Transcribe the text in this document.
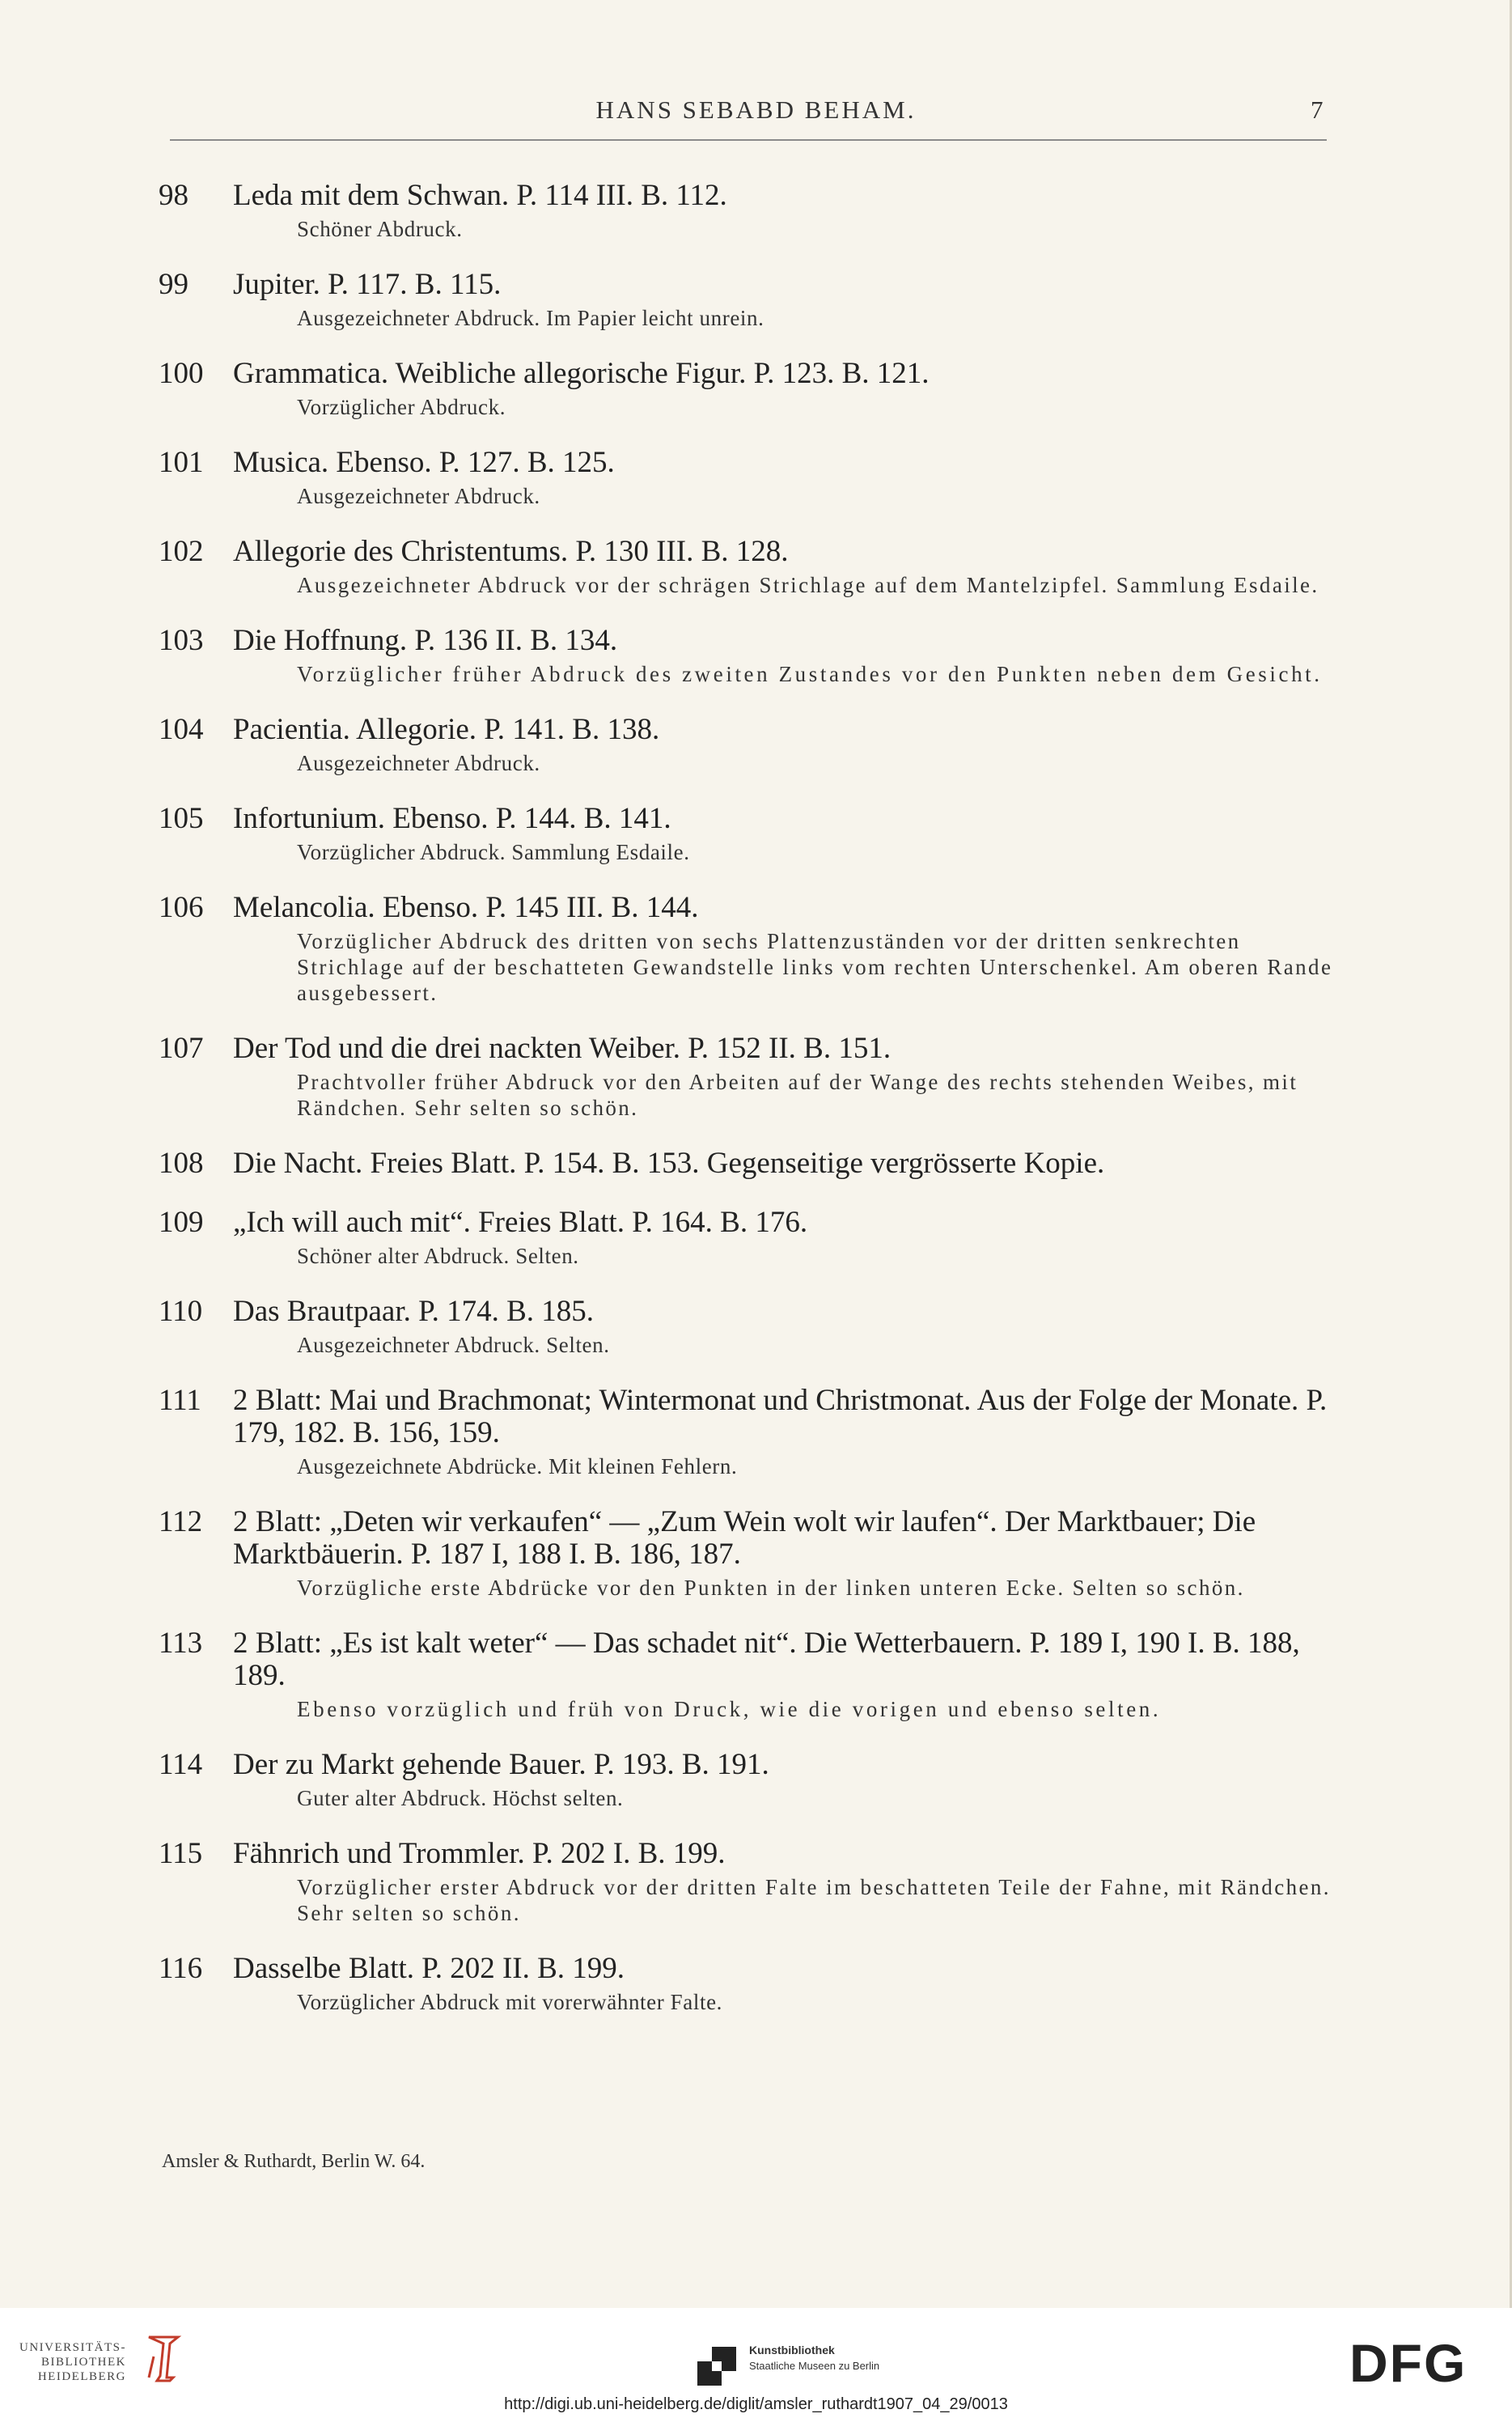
HANS SEBABD BEHAM.	7
98	Leda mit dem Schwan. P. 114 III. B. 112.
Schöner Abdruck.
99	Jupiter. P. 117. B. 115.
Ausgezeichneter Abdruck. Im Papier leicht unrein.
100 Grammatica. Weibliche allegorische Figur. P. 123. B. 121.
Vorzüglicher Abdruck.
101 Musica. Ebenso. P. 127. B. 125.
Ausgezeichneter Abdruck.
102 Allegorie des Christentums. P. 130 III. B. 128.
Ausgezeichneter Abdruck vor der schrägen Strichlage auf dem Mantelzipfel. Sammlung Esdaile.
103 Die Hoffnung. P. 136 II. B. 134.
Vorzüglicher früher Abdruck des zweiten Zustandes vor den Punkten neben dem Gesicht.
104 Pacientia. Allegorie. P. 141. B. 138.
Ausgezeichneter Abdruck.
105 Infortunium. Ebenso. P. 144. B. 141.
Vorzüglicher Abdruck. Sammlung Esdaile.
106 Melancolia. Ebenso. P. 145 III. B. 144.
Vorzüglicher Abdruck des dritten von sechs Plattenzuständen vor der dritten senkrechten Strichlage auf der beschatteten Gewandstelle links vom rechten Unterschenkel. Am oberen Rande ausgebessert.
107 Der Tod und die drei nackten Weiber. P. 152 II. B. 151.
Prachtvoller früher Abdruck vor den Arbeiten auf der Wange des rechts stehenden Weibes, mit Rändchen. Sehr selten so schön.
108 Die Nacht. Freies Blatt. P. 154. B. 153. Gegenseitige vergrösserte Kopie.
109 „Ich will auch mit“. Freies Blatt. P. 164. B. 176.
Schöner alter Abdruck. Selten.
110	Das Brautpaar. P. 174. B. 185.
Ausgezeichneter Abdruck. Selten.
111	2 Blatt: Mai und Brachmonat; Wintermonat und Christmonat. Aus der Folge der Monate. P. 179, 182. B. 156, 159.
Ausgezeichnete Abdrücke. Mit kleinen Fehlern.
112	2 Blatt: „Deten wir verkaufen“ — „Zum Wein wolt wir laufen“. Der Marktbauer; Die Marktbäuerin. P. 187 I, 188 I. B. 186, 187.
Vorzügliche erste Abdrücke vor den Punkten in der linken unteren Ecke. Selten so schön.
113	2 Blatt: „Es ist kalt weter“ — Das schadet nit“. Die Wetterbauern. P. 189 I, 190 I. B. 188, 189.
Ebenso vorzüglich und früh von Druck, wie die vorigen und ebenso selten.
114	Der zu Markt gehende Bauer. P. 193. B. 191.
Guter alter Abdruck. Höchst selten.
115	Fähnrich und Trommler. P. 202 I. B. 199.
Vorzüglicher erster Abdruck vor der dritten Falte im beschatteten Teile der Fahne, mit Rändchen. Sehr selten so schön.
116	Dasselbe Blatt. P. 202 II. B. 199.
Vorzüglicher Abdruck mit vorerwähnter Falte.
Amsler & Ruthardt, Berlin W. 64.
UNIVERSITÄTS-
BIBLIOTHEK
HEIDELBERG
Kunstbibliothek
Staatliche Museen zu Berlin	DFG
http://digi.ub.uni-heidelberg.de/diglit/amsler_ruthardt1907_04_29/0013
